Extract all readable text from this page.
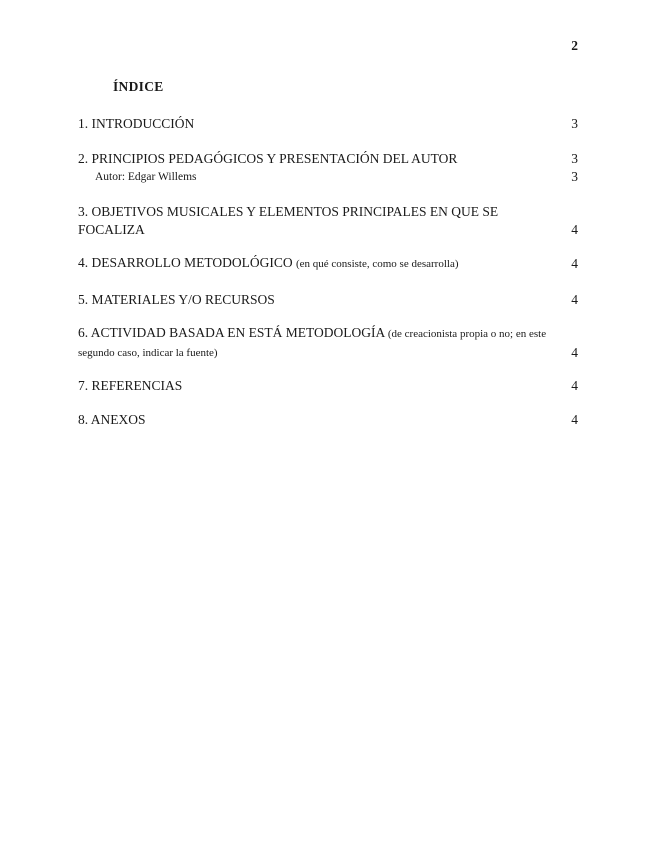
2
ÍNDICE
1. INTRODUCCIÓN	3
2. PRINCIPIOS PEDAGÓGICOS Y PRESENTACIÓN DEL AUTOR	3
Autor: Edgar Willems	3
3. OBJETIVOS MUSICALES Y ELEMENTOS PRINCIPALES EN QUE SE FOCALIZA	4
4. DESARROLLO METODOLÓGICO (en qué consiste, como se desarrolla)	4
5. MATERIALES Y/O RECURSOS	4
6. ACTIVIDAD BASADA EN ESTÁ METODOLOGÍA (de creacionista propia o no; en este segundo caso, indicar la fuente)	4
7. REFERENCIAS	4
8. ANEXOS	4
